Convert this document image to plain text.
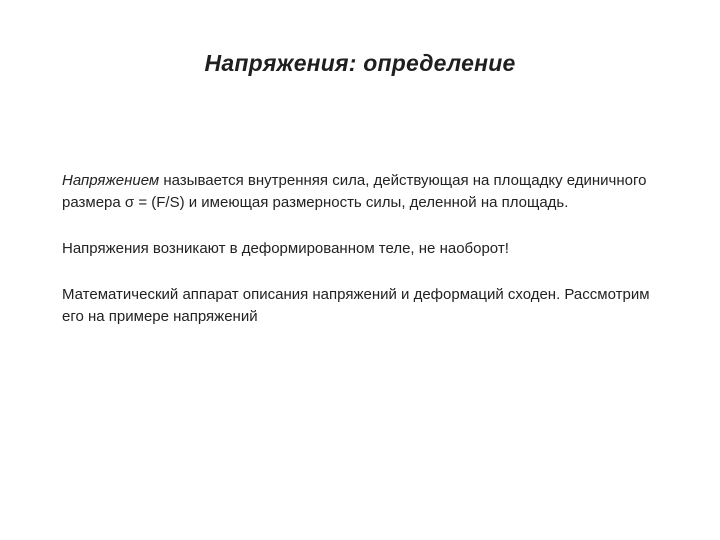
Напряжения: определение

Напряжением называется внутренняя сила, действующая на площадку единичного размера σ = (F/S) и имеющая размерность силы, деленной на площадь.

Напряжения возникают в деформированном теле, не наоборот!

Математический аппарат описания напряжений и деформаций сходен. Рассмотрим его на примере напряжений
